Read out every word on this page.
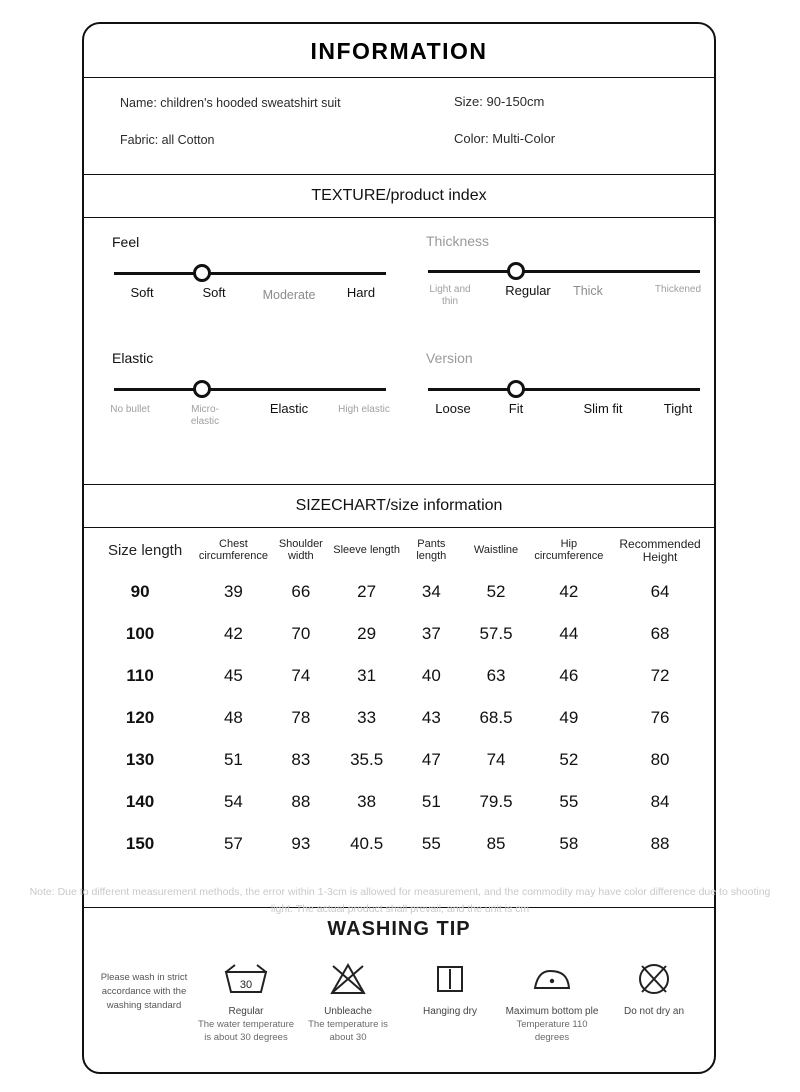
INFORMATION
Name: children's hooded sweatshirt suit
Fabric: all Cotton
Size: 90-150cm
Color: Multi-Color
TEXTURE/product index
Feel
Soft	Soft	Moderate	Hard
Thickness
Light and thin
Regular	Thick	Thickened
Elastic
No bullet	Micro-elastic
Elastic	High elastic
Version
Loose	Fit	Slim fit	Tight
SIZECHART/size information
Size length	Chest circumference	Shoulder width	Sleeve length	Pants length	Waistline	Hip circumference	Recommended Height
90	39	66	27	34	52	42	64
100	42	70	29	37	57.5	44	68
110	45	74	31	40	63	46	72
120	48	78	33	43	68.5	49	76
130	51	83	35.5	47	74	52	80
140	54	88	38	51	79.5	55	84
150	57	93	40.5	55	85	58	88
WASHING TIP
Please wash in strict accordance with the washing standard
30
Regular
The water temperature is about 30 degrees
Unbleache
The temperature is about 30
Hanging dry	Maximum bottom ple
Temperature 110 degrees
Do not dry an
Note: Due to different measurement methods, the error within 1-3cm is allowed for measurement, and the commodity may have color difference due to shooting light. The actual product shall prevail, and the unit is cm
